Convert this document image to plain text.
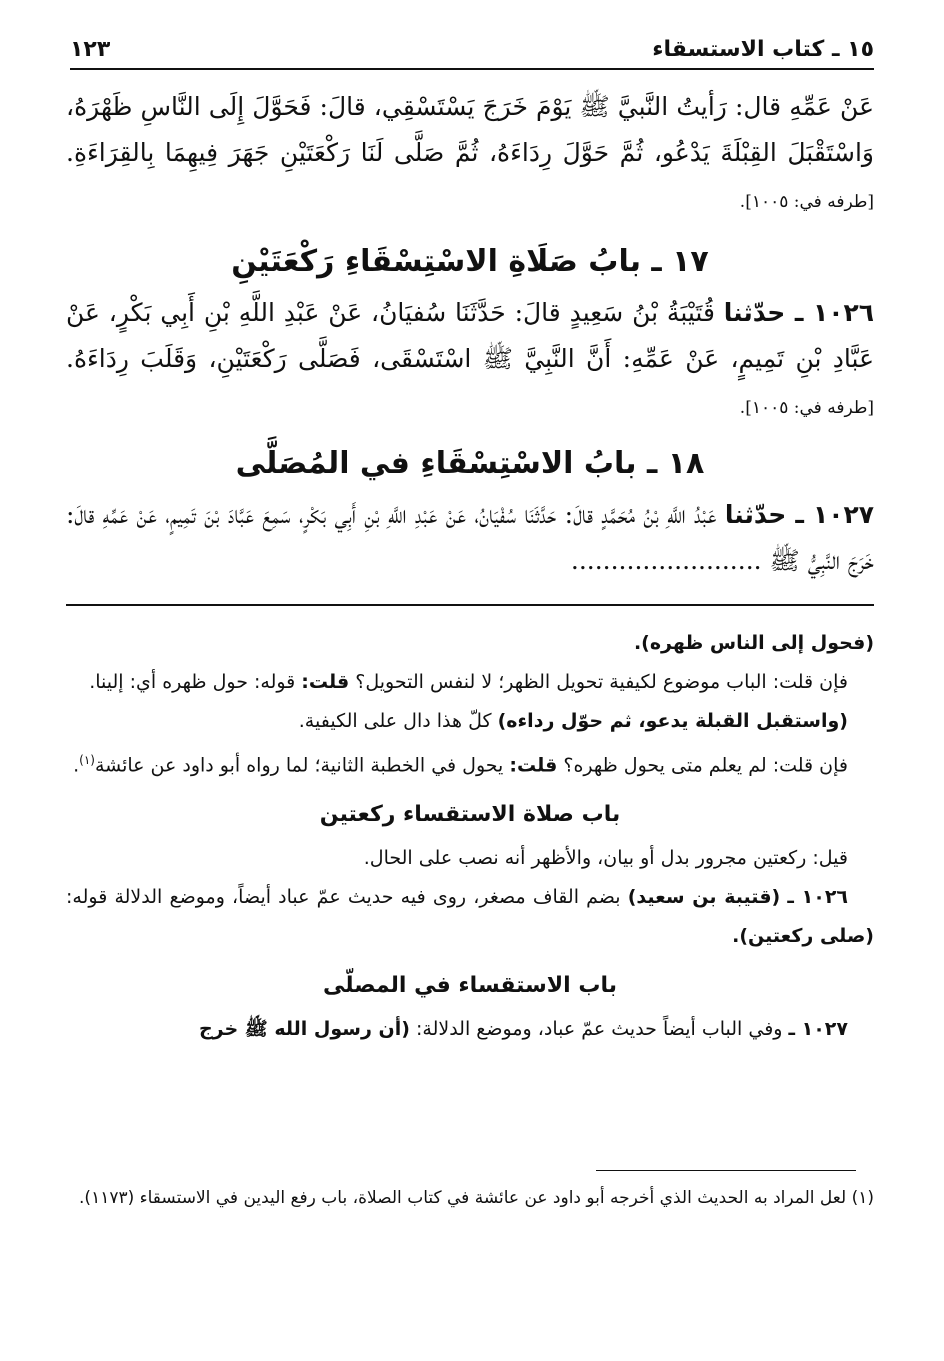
١٥ ـ كتاب الاستسقاء
١٢٣
عَنْ عَمِّهِ قال: رَأيتُ النَّبيَّ ﷺ يَوْمَ خَرَجَ يَسْتَسْقِي، قالَ: فَحَوَّلَ إِلَى النَّاسِ ظَهْرَهُ، وَاسْتَقْبَلَ القِبْلَةَ يَدْعُو، ثُمَّ حَوَّلَ رِدَاءَهُ، ثُمَّ صَلَّى لَنَا رَكْعَتَيْنِ جَهَرَ فِيهِمَا بِالقِرَاءَةِ. [طرفه في: ١٠٠٥].
١٧ ـ بابُ صَلَاةِ الاسْتِسْقَاءِ رَكْعَتَيْنِ
١٠٢٦ ـ حدّثنا قُتَيْبَةُ بْنُ سَعِيدٍ قالَ: حَدَّثَنَا سُفيَانُ، عَنْ عَبْدِ اللَّهِ بْنِ أَبِي بَكْرٍ، عَنْ عَبَّادِ بْنِ تَمِيمٍ، عَنْ عَمِّهِ: أَنَّ النَّبِيَّ ﷺ اسْتَسْقَى، فَصَلَّى رَكْعَتَيْنِ، وَقَلَبَ رِدَاءَهُ. [طرفه في: ١٠٠٥].
١٨ ـ بابُ الاسْتِسْقَاءِ في المُصَلَّى
١٠٢٧ ـ حدّثنا عَبْدُ اللَّهِ بْنُ مُحَمَّدٍ قالَ: حَدَّثَنَا سُفْيَانُ، عَنْ عَبْدِ اللَّهِ بْنِ أَبِي بَكْرٍ، سَمِعَ عَبَّادَ بْنَ تَمِيمٍ، عَنْ عَمِّهِ قالَ: خَرَجَ النَّبِيُّ ﷺ ........................

(فحول إلى الناس ظهره).

فإن قلت: الباب موضوع لكيفية تحويل الظهر؛ لا لنفس التحويل؟ قلت: قوله: حول ظهره أي: إلينا.

(واستقبل القبلة يدعو، ثم حوّل رداءه) كلّ هذا دال على الكيفية.

فإن قلت: لم يعلم متى يحول ظهره؟ قلت: يحول في الخطبة الثانية؛ لما رواه أبو داود عن عائشة$^{(١)}$.

باب صلاة الاستقساء ركعتين

قيل: ركعتين مجرور بدل أو بيان، والأظهر أنه نصب على الحال.

١٠٢٦ ـ (قتيبة بن سعيد) بضم القاف مصغر، روى فيه حديث عمّ عباد أيضاً، وموضع الدلالة قوله: (صلى ركعتين).

باب الاستقساء في المصلّى

١٠٢٧ ـ وفي الباب أيضاً حديث عمّ عباد، وموضع الدلالة: (أن رسول الله ﷺ خرج

(١) لعل المراد به الحديث الذي أخرجه أبو داود عن عائشة في كتاب الصلاة، باب رفع اليدين في الاستسقاء (١١٧٣).
